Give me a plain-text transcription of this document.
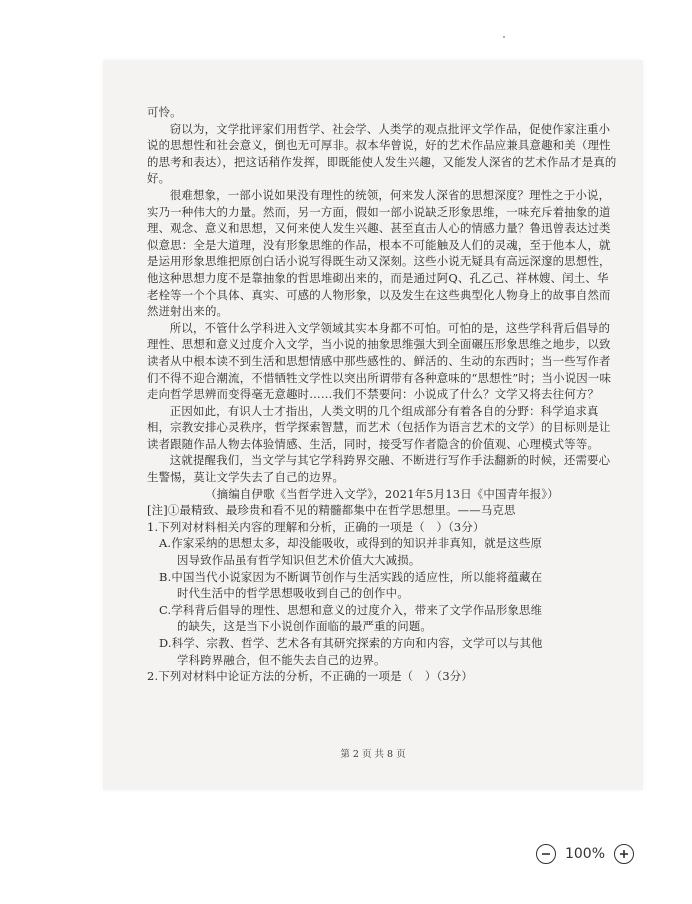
可怜。

窃以为，文学批评家们用哲学、社会学、人类学的观点批评文学作品，促使作家注重小说的思想性和社会意义，倒也无可厚非。叔本华曾说，好的艺术作品应兼具意趣和美（理性的思考和表达），把这话稍作发挥，即既能使人发生兴趣，又能发人深省的艺术作品才是真的好。

很难想象，一部小说如果没有理性的统领，何来发人深省的思想深度？理性之于小说，实乃一种伟大的力量。然而，另一方面，假如一部小说缺乏形象思维，一味充斥着抽象的道理、观念、意义和思想，又何来使人发生兴趣、甚至直击人心的情感力量？鲁迅曾表达过类似意思：全是大道理，没有形象思维的作品，根本不可能触及人们的灵魂，至于他本人，就是运用形象思维把原创白话小说写得既生动又深刻。这些小说无疑具有高远深邃的思想性，他这种思想力度不是靠抽象的哲思堆砌出来的，而是通过阿Q、孔乙己、祥林嫂、闰土、华老栓等一个个具体、真实、可感的人物形象，以及发生在这些典型化人物身上的故事自然而然迸射出来的。

所以，不管什么学科进入文学领域其实本身都不可怕。可怕的是，这些学科背后倡导的理性、思想和意义过度介入文学，当小说的抽象思维强大到全面碾压形象思维之地步，以致读者从中根本读不到生活和思想情感中那些感性的、鲜活的、生动的东西时；当一些写作者们不得不迎合潮流，不惜牺牲文学性以突出所谓带有各种意味的“思想性”时；当小说因一味走向哲学思辨而变得毫无意趣时……我们不禁要问：小说成了什么？文学又将去往何方？

正因如此，有识人士才指出，人类文明的几个组成部分有着各自的分野：科学追求真相，宗教安排心灵秩序，哲学探索智慧，而艺术（包括作为语言艺术的文学）的目标则是让读者跟随作品人物去体验情感、生活，同时，接受写作者隐含的价值观、心理模式等等。

这就提醒我们，当文学与其它学科跨界交融、不断进行写作手法翻新的时候，还需要心生警惕，莫让文学失去了自己的边界。

（摘编自伊歌《当哲学进入文学》，2021年5月13日《中国青年报》）

[注]①最精致、最珍贵和看不见的精髓都集中在哲学思想里。——马克思

1.下列对材料相关内容的理解和分析，正确的一项是（　）（3分）

A.作家采纳的思想太多，却没能吸收，或得到的知识并非真知，就是这些原
因导致作品虽有哲学知识但艺术价值大大减损。

B.中国当代小说家因为不断调节创作与生活实践的适应性，所以能将蕴藏在
时代生活中的哲学思想吸收到自己的创作中。

C.学科背后倡导的理性、思想和意义的过度介入，带来了文学作品形象思维
的缺失，这是当下小说创作面临的最严重的问题。

D.科学、宗教、哲学、艺术各有其研究探索的方向和内容，文学可以与其他
学科跨界融合，但不能失去自己的边界。

2.下列对材料中论证方法的分析，不正确的一项是（　）（3分）

第 2 页 共 8 页
100%
